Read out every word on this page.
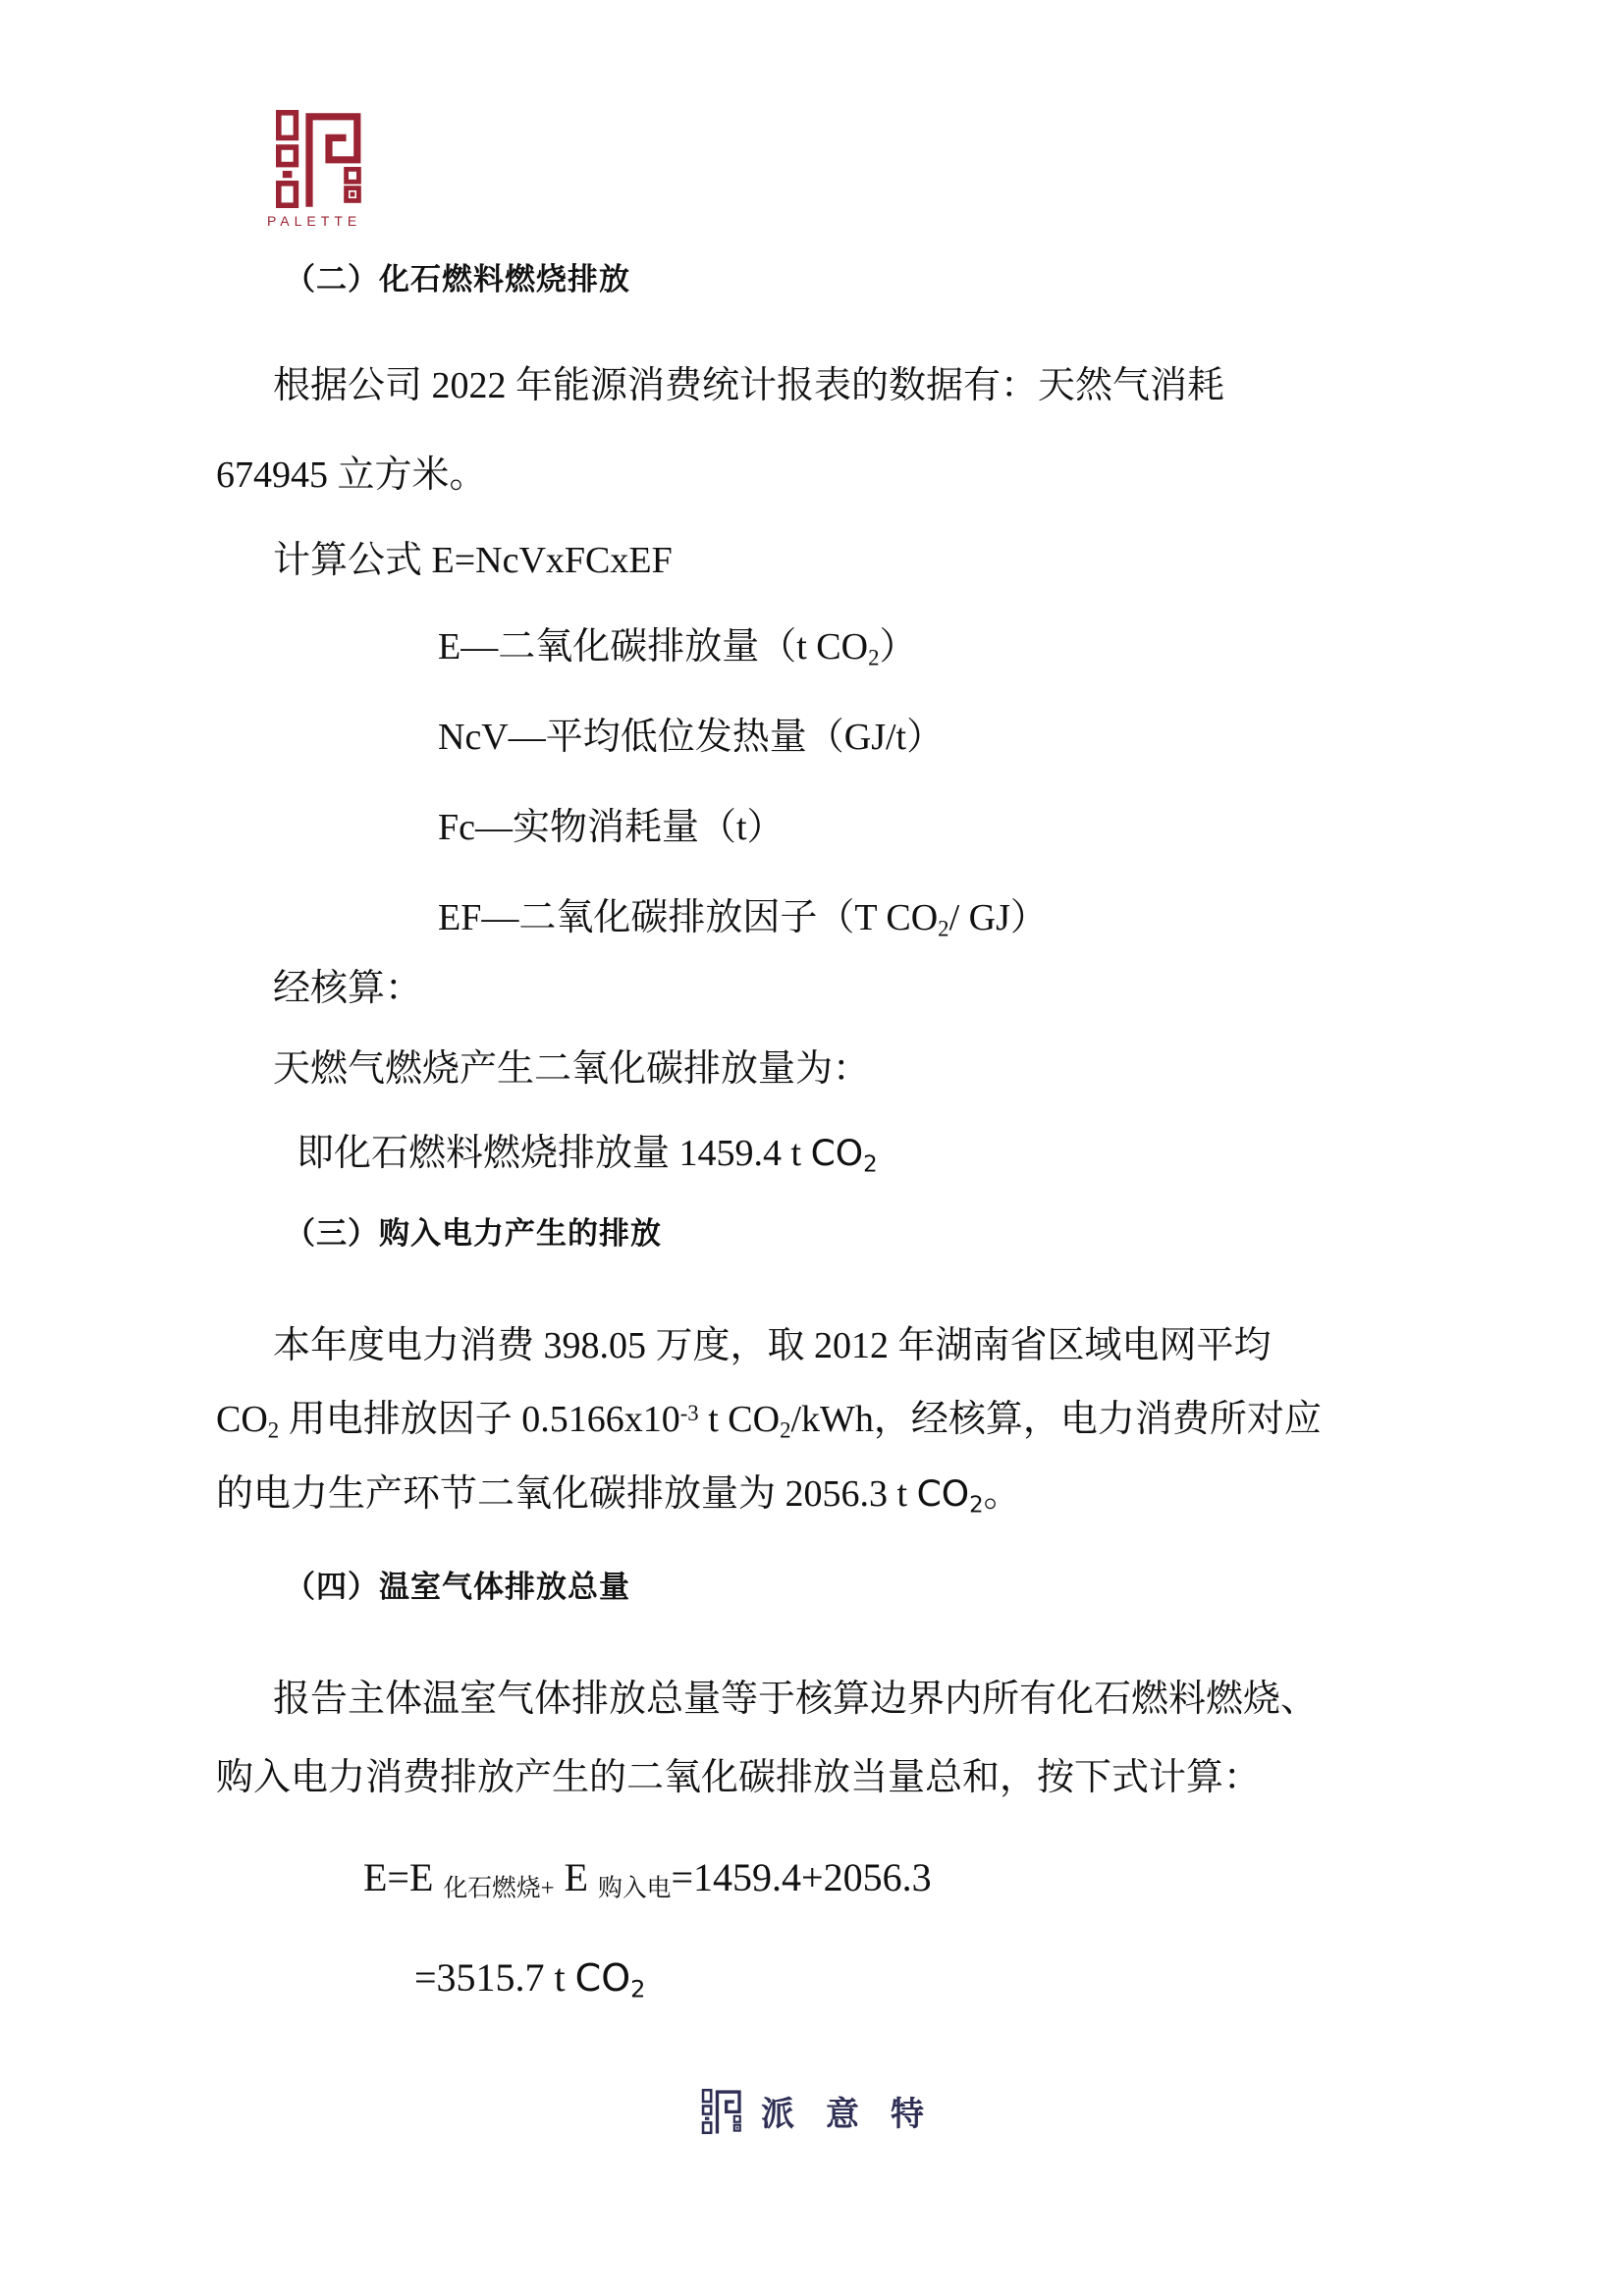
PALETTE
（二）化石燃料燃烧排放
根据公司 2022 年能源消费统计报表的数据有：天然气消耗
674945 立方米。
计算公式 E=NcVxFCxEF
E—二氧化碳排放量（t CO2）
NcV—平均低位发热量（GJ/t）
Fc—实物消耗量（t）
EF—二氧化碳排放因子（T CO2/ GJ）
经核算：
天燃气燃烧产生二氧化碳排放量为：
即化石燃料燃烧排放量 1459.4 t CO2
（三）购入电力产生的排放
本年度电力消费 398.05 万度，取 2012 年湖南省区域电网平均
CO2 用电排放因子 $0.5166x10^{-3}$ t CO2/kWh，经核算，电力消费所对应
的电力生产环节二氧化碳排放量为 2056.3 t CO2。
（四）温室气体排放总量
报告主体温室气体排放总量等于核算边界内所有化石燃料燃烧、
购入电力消费排放产生的二氧化碳排放当量总和，按下式计算：
E=E 化石燃烧+ E 购入电=1459.4+2056.3
=3515.7 t CO2
派意特
